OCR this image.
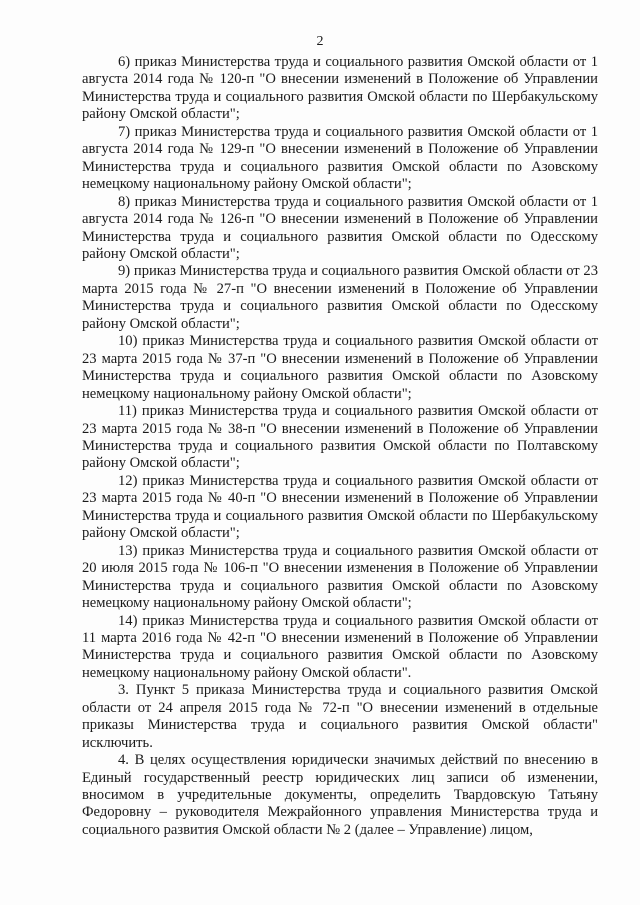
2

6) приказ Министерства труда и социального развития Омской области от 1 августа 2014 года № 120-п "О внесении изменений в Положение об Управлении Министерства труда и социального развития Омской области по Шербакульскому району Омской области";

7) приказ Министерства труда и социального развития Омской области от 1 августа 2014 года № 129-п "О внесении изменений в Положение об Управлении Министерства труда и социального развития Омской области по Азовскому немецкому национальному району Омской области";

8) приказ Министерства труда и социального развития Омской области от 1 августа 2014 года № 126-п "О внесении изменений в Положение об Управлении Министерства труда и социального развития Омской области по Одесскому району Омской области";

9) приказ Министерства труда и социального развития Омской области от 23 марта 2015 года № 27-п "О внесении изменений в Положение об Управлении Министерства труда и социального развития Омской области по Одесскому району Омской области";

10) приказ Министерства труда и социального развития Омской области от 23 марта 2015 года № 37-п "О внесении изменений в Положение об Управлении Министерства труда и социального развития Омской области по Азовскому немецкому национальному району Омской области";

11) приказ Министерства труда и социального развития Омской области от 23 марта 2015 года № 38-п "О внесении изменений в Положение об Управлении Министерства труда и социального развития Омской области по Полтавскому району Омской области";

12) приказ Министерства труда и социального развития Омской области от 23 марта 2015 года № 40-п "О внесении изменений в Положение об Управлении Министерства труда и социального развития Омской области по Шербакульскому району Омской области";

13) приказ Министерства труда и социального развития Омской области от 20 июля 2015 года № 106-п "О внесении изменения в Положение об Управлении Министерства труда и социального развития Омской области по Азовскому немецкому национальному району Омской области";

14) приказ Министерства труда и социального развития Омской области от 11 марта 2016 года № 42-п "О внесении изменений в Положение об Управлении Министерства труда и социального развития Омской области по Азовскому немецкому национальному району Омской области".

3. Пункт 5 приказа Министерства труда и социального развития Омской области от 24 апреля 2015 года № 72-п "О внесении изменений в отдельные приказы Министерства труда и социального развития Омской области" исключить.

4. В целях осуществления юридически значимых действий по внесению в Единый государственный реестр юридических лиц записи об изменении, вносимом в учредительные документы, определить Твардовскую Татьяну Федоровну – руководителя Межрайонного управления Министерства труда и социального развития Омской области № 2 (далее – Управление) лицом,
